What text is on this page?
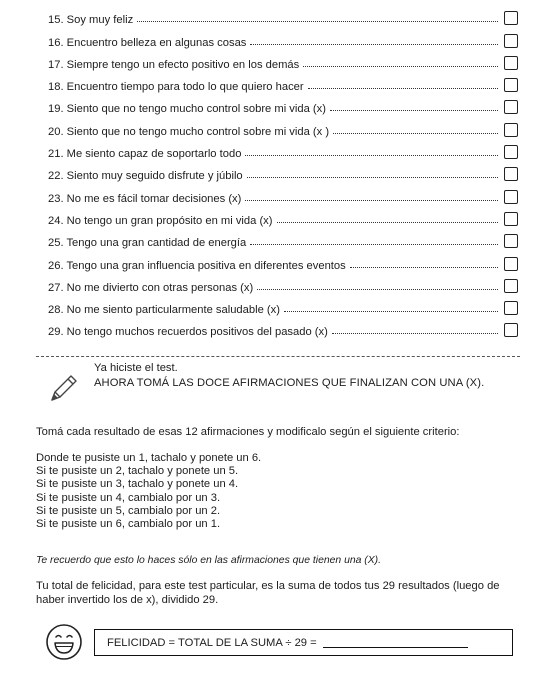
15. Soy muy feliz
16. Encuentro belleza en algunas cosas
17. Siempre tengo un efecto positivo en los demás
18. Encuentro tiempo para todo lo que quiero hacer
19. Siento que no tengo mucho control sobre mi vida (x)
20. Siento que no tengo mucho control sobre mi vida (x )
21. Me siento capaz de soportarlo todo
22. Siento muy seguido disfrute y júbilo
23. No me es fácil tomar decisiones (x)
24. No tengo un gran propósito en mi vida (x)
25. Tengo una gran cantidad de energía
26. Tengo una gran influencia positiva en diferentes eventos
27. No me divierto con otras personas (x)
28. No me siento particularmente saludable (x)
29. No tengo muchos recuerdos positivos del pasado (x)
Ya hiciste el test.
AHORA TOMÁ LAS DOCE AFIRMACIONES QUE FINALIZAN CON UNA (X).
Tomá cada resultado de esas 12 afirmaciones y modificalo según el siguiente criterio:
Donde te pusiste un 1, tachalo y ponete un 6.
Si te pusiste un 2, tachalo y ponete un 5.
Si te pusiste un 3, tachalo y ponete un 4.
Si te pusiste un 4, cambialo por un 3.
Si te pusiste un 5, cambialo por un 2.
Si te pusiste un 6, cambialo por un 1.
Te recuerdo que esto lo haces sólo en las afirmaciones que tienen una (X).
Tu total de felicidad, para este test particular, es la suma de todos tus 29 resultados (luego de haber invertido los de x), dividido 29.
FELICIDAD = TOTAL DE LA SUMA ÷ 29 =
